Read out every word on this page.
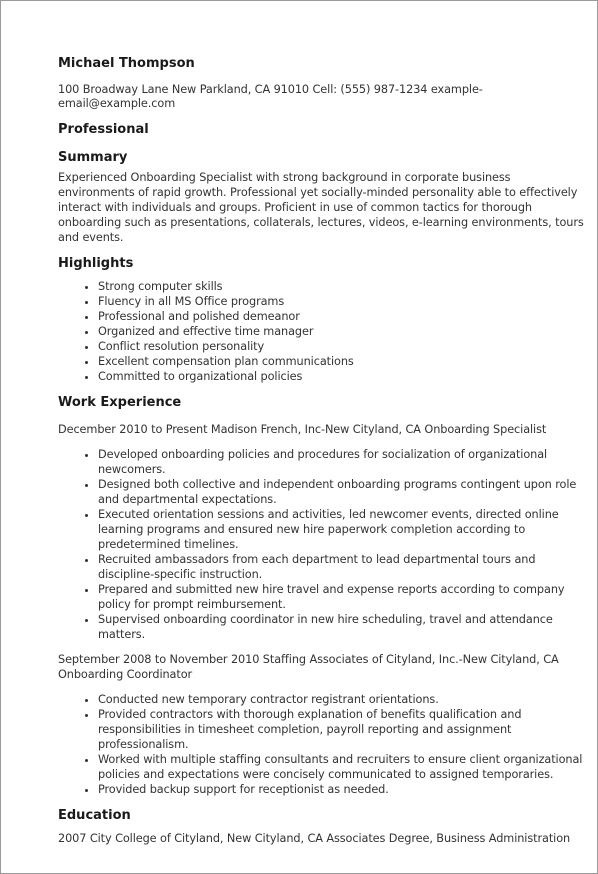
Michael Thompson
100 Broadway Lane New Parkland, CA 91010 Cell: (555) 987-1234 example-email@example.com
Professional
Summary
Experienced Onboarding Specialist with strong background in corporate business environments of rapid growth. Professional yet socially-minded personality able to effectively interact with individuals and groups. Proficient in use of common tactics for thorough onboarding such as presentations, collaterals, lectures, videos, e-learning environments, tours and events.
Highlights
• Strong computer skills
• Fluency in all MS Office programs
• Professional and polished demeanor
• Organized and effective time manager
• Conflict resolution personality
• Excellent compensation plan communications
• Committed to organizational policies
Work Experience
December 2010 to Present Madison French, Inc-New Cityland, CA Onboarding Specialist
• Developed onboarding policies and procedures for socialization of organizational newcomers.
• Designed both collective and independent onboarding programs contingent upon role and departmental expectations.
• Executed orientation sessions and activities, led newcomer events, directed online learning programs and ensured new hire paperwork completion according to predetermined timelines.
• Recruited ambassadors from each department to lead departmental tours and discipline-specific instruction.
• Prepared and submitted new hire travel and expense reports according to company policy for prompt reimbursement.
• Supervised onboarding coordinator in new hire scheduling, travel and attendance matters.
September 2008 to November 2010 Staffing Associates of Cityland, Inc.-New Cityland, CA Onboarding Coordinator
• Conducted new temporary contractor registrant orientations.
• Provided contractors with thorough explanation of benefits qualification and responsibilities in timesheet completion, payroll reporting and assignment professionalism.
• Worked with multiple staffing consultants and recruiters to ensure client organizational policies and expectations were concisely communicated to assigned temporaries.
• Provided backup support for receptionist as needed.
Education
2007 City College of Cityland, New Cityland, CA Associates Degree, Business Administration
